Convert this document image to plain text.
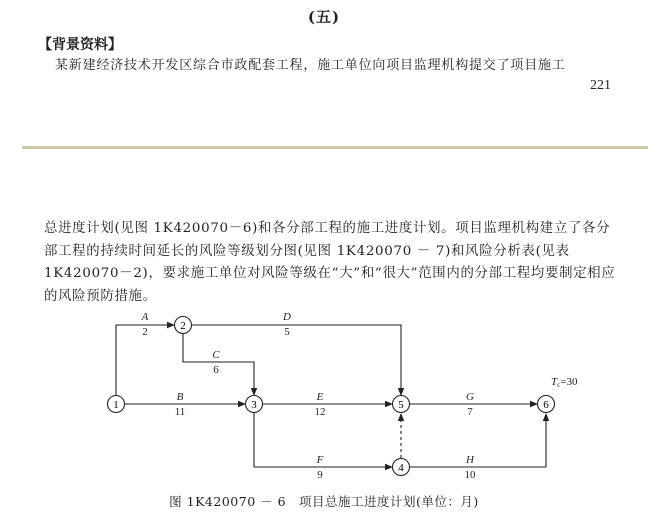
(五)
【背景资料】
某新建经济技术开发区综合市政配套工程，施工单位向项目监理机构提交了项目施工
221
总进度计划(见图 1K420070－6)和各分部工程的施工进度计划。项目监理机构建立了各分
部工程的持续时间延长的风险等级划分图(见图 1K420070 － 7)和风险分析表(见表
1K420070－2)，要求施工单位对风险等级在“大”和“很大”范围内的分部工程均要制定相应
的风险预防措施。
1
2
3
4
5	6
A
2
D
5
C
6
B
11
E
12
G
7
F
9
H
10
Tc=30
图 1K420070 － 6　项目总施工进度计划(单位：月)
